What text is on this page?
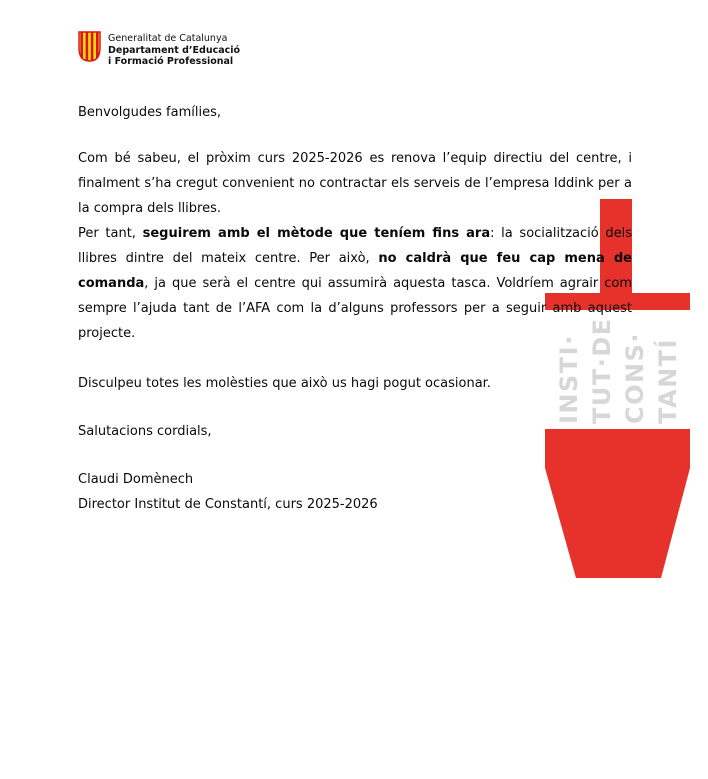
INSTI· TUT·DE CONS· TANTÍ
Generalitat de Catalunya
Departament d’Educació
i Formació Professional
Benvolgudes famílies,

Com bé sabeu, el pròxim curs 2025-2026 es renova l’equip directiu del centre, i finalment s’ha cregut convenient no contractar els serveis de l’empresa Iddink per a la compra dels llibres.

Per tant, seguirem amb el mètode que teníem fins ara: la socialització dels llibres dintre del mateix centre. Per això, no caldrà que feu cap mena de comanda, ja que serà el centre qui assumirà aquesta tasca. Voldríem agrair com sempre l’ajuda tant de l’AFA com la d’alguns professors per a seguir amb aquest projecte.

Disculpeu totes les molèsties que això us hagi pogut ocasionar.

Salutacions cordials,

Claudi Domènech
Director Institut de Constantí, curs 2025-2026
